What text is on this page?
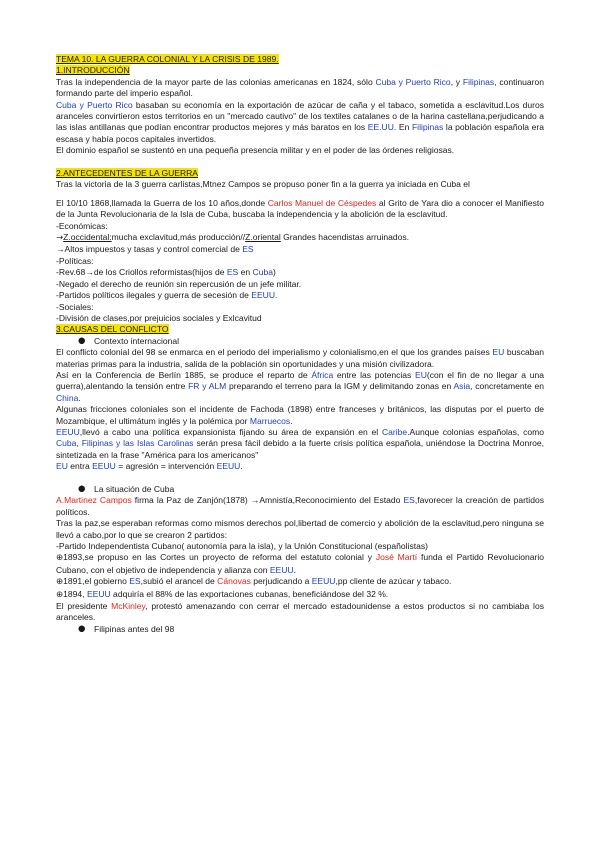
TEMA 10. LA GUERRA COLONIAL Y LA CRISIS DE 1989.

1.INTRODUCCIÓN

Tras la independencia de la mayor parte de las colonias americanas en 1824, sólo Cuba y Puerto Rico, y Filipinas, continuaron formando parte del imperio español.

Cuba y Puerto Rico basaban su economía en la exportación de azúcar de caña y el tabaco, sometida a esclavitud.Los duros aranceles convirtieron estos territorios en un "mercado cautivo" de los textiles catalanes o de la harina castellana,perjudicando a las islas antillanas que podían encontrar productos mejores y más baratos en los EE.UU. En Filipinas la población española era escasa y había pocos capitales invertidos.

El dominio español se sustentó en una pequeña presencia militar y en el poder de las órdenes religiosas.

2.ANTECEDENTES DE LA GUERRA

Tras la victoria de la 3 guerra carlistas,Mtnez Campos se propuso poner fin a la guerra ya iniciada en Cuba el

El 10/10 1868,llamada la Guerra de los 10 años,donde Carlos Manuel de Céspedes al Grito de Yara dio a conocer el Manifiesto de la Junta Revolucionaria de la Isla de Cuba, buscaba la independencia y la abolición de la esclavitud.

-Económicas:

→Z.occidental:mucha exclavitud,más producción//Z.oriental Grandes hacendistas arruinados.

→Altos impuestos y tasas y control comercial de ES

-Políticas:

-Rev.68→de los Criollos reformistas(hijos de ES en Cuba)

-Negado el derecho de reunión sin repercusión de un jefe militar.

-Partidos políticos ilegales y guerra de secesión de EEUU.

-Sociales:

-División de clases,por prejuicios sociales y Exlcavitud

3.CAUSAS DEL CONFLICTO

● Contexto internacional

El conflicto colonial del 98 se enmarca en el periodo del imperialismo y colonialismo,en el que los grandes países EU buscaban materias primas para la industria, salida de la población sin oportunidades y una misión civilizadora.

Así en la Conferencia de Berlín 1885, se produce el reparto de África entre las potencias EU(con el fin de no llegar a una guerra),alentando la tensión entre FR y ALM preparando el terreno para la IGM y delimitando zonas en Asia, concretamente en China.

Algunas fricciones coloniales son el incidente de Fachoda (1898) entre franceses y británicos, las disputas por el puerto de Mozambique, el ultimátum inglés y la polémica por Marruecos.

EEUU,llevó a cabo una política expansionista fijando su área de expansión en el Caribe.Aunque colonias españolas, como Cuba, Filipinas y las Islas Carolinas serán presa fácil debido a la fuerte crisis política española, uniéndose la Doctrina Monroe, sintetizada en la frase "América para los americanos"

EU entra EEUU = agresión = intervención EEUU.

● La situación de Cuba

A.Martinez Campos firma la Paz de Zanjón(1878) →Amnistía,Reconocimiento del Estado ES,favorecer la creación de partidos políticos.

Tras la paz,se esperaban reformas como mismos derechos pol,libertad de comercio y abolición de la esclavitud,pero ninguna se llevó a cabo,por lo que se crearon 2 partidos:

-Partido Independentista Cubano( autonomía para la isla), y la Unión Constitucional (españolistas)

⊕1893,se propuso en las Cortes un proyecto de reforma del estatuto colonial y José Martí funda el Partido Revolucionario Cubano, con el objetivo de independencia y alianza con EEUU.

⊕1891,el gobierno ES,subió el arancel de Cánovas perjudicando a EEUU,pp cliente de azúcar y tabaco.

⊕1894, EEUU adquiría el 88% de las exportaciones cubanas, beneficiándose del 32 %.

El presidente McKinley, protestó amenazando con cerrar el mercado estadounidense a estos productos si no cambiaba los aranceles.

● Filipinas antes del 98
